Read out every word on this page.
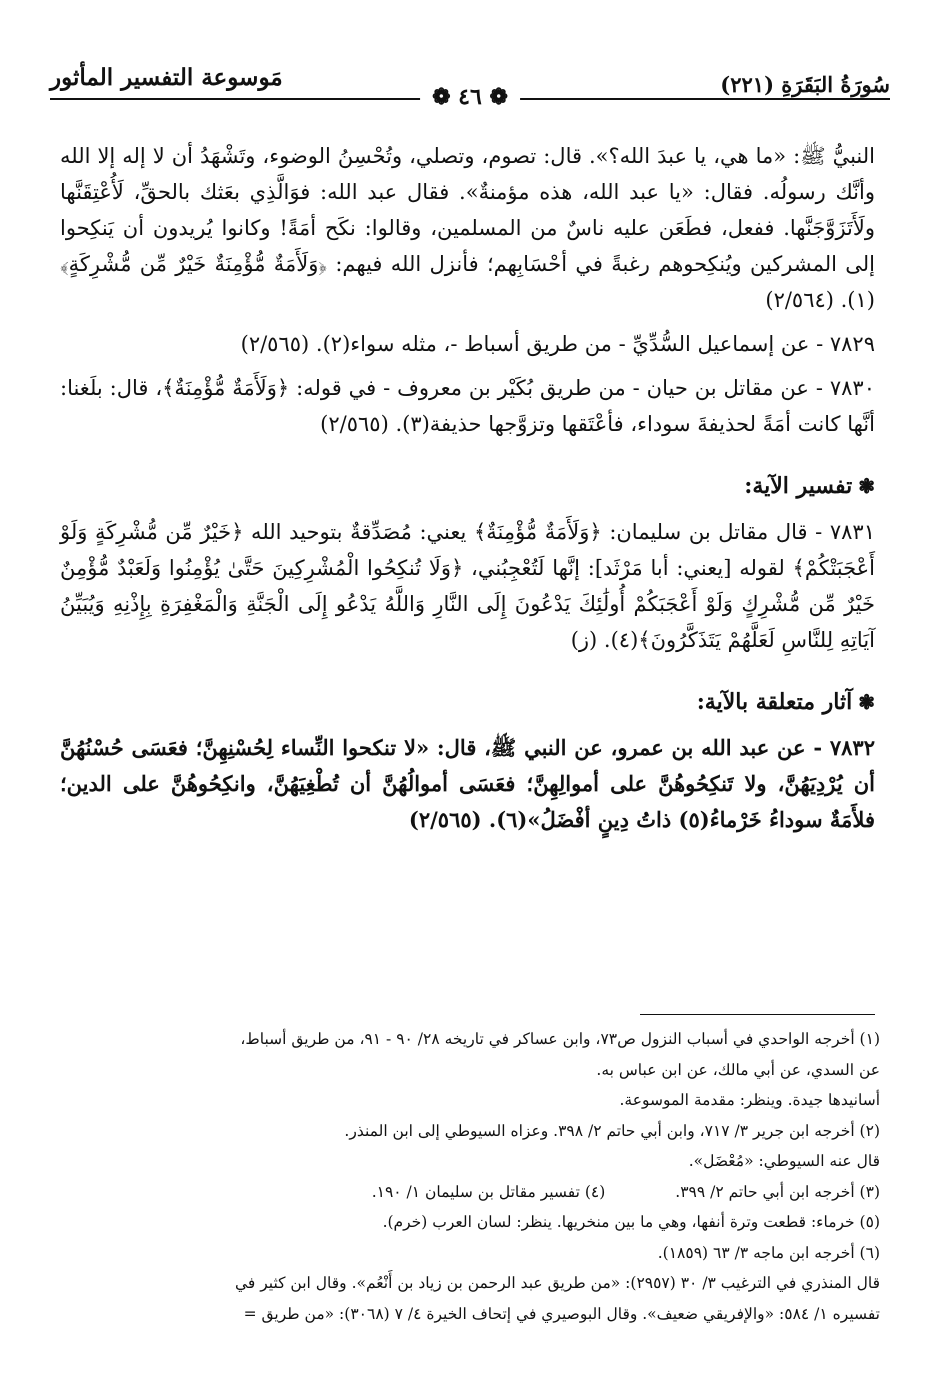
مَوسوعة التفسير المأثور	سُورَةُ البَقَرَةِ (٢٢١)
❁ ٤٦ ❁

النبيُّ ﷺ: «ما هي، يا عبدَ الله؟». قال: تصوم، وتصلي، وتُحْسِنُ الوضوء، وتَشْهَدُ أن لا إله إلا الله وأنَّك رسولُه. فقال: «يا عبد الله، هذه مؤمنةٌ». فقال عبد الله: فوَالَّذِي بعَثك بالحقِّ، لَأُعْتِقَنَّها ولَأَتَزَوَّجَنَّها. ففعل، فطَعَن عليه ناسٌ من المسلمين، وقالوا: نكَح أمَةً! وكانوا يُريدون أن يَنكِحوا إلى المشركين ويُنكِحوهم رغبةً في أحْسَابِهم؛ فأنزل الله فيهم: ﴿وَلَأَمَةٌ مُّؤْمِنَةٌ خَيْرٌ مِّن مُّشْرِكَةٍ﴾(١). (٢/٥٦٤)

٧٨٢٩ - عن إسماعيل السُّدِّيِّ - من طريق أسباط -، مثله سواء(٢). (٢/٥٦٥)

٧٨٣٠ - عن مقاتل بن حيان - من طريق بُكَيْر بن معروف - في قوله: ﴿وَلَأَمَةٌ مُّؤْمِنَةٌ﴾، قال: بلَغنا: أنَّها كانت أمَةً لحذيفةَ سوداء، فأعْتَقها وتزوَّجها حذيفة(٣). (٢/٥٦٥)

❃تفسير الآية:

٧٨٣١ - قال مقاتل بن سليمان: ﴿وَلَأَمَةٌ مُّؤْمِنَةٌ﴾ يعني: مُصَدِّقةٌ بتوحيد الله ﴿خَيْرٌ مِّن مُّشْرِكَةٍ وَلَوْ أَعْجَبَتْكُمْ﴾ لقوله [يعني: أبا مَرْثَد]: إنَّها لَتُعْجِبُني، ﴿وَلَا تُنكِحُوا الْمُشْرِكِينَ حَتَّىٰ يُؤْمِنُوا وَلَعَبْدٌ مُّؤْمِنٌ خَيْرٌ مِّن مُّشْرِكٍ وَلَوْ أَعْجَبَكُمْ أُولَٰئِكَ يَدْعُونَ إِلَى النَّارِ وَاللَّهُ يَدْعُو إِلَى الْجَنَّةِ وَالْمَغْفِرَةِ بِإِذْنِهِ وَيُبَيِّنُ آيَاتِهِ لِلنَّاسِ لَعَلَّهُمْ يَتَذَكَّرُونَ﴾(٤). (ز)

❃آثار متعلقة بالآية:

٧٨٣٢ - عن عبد الله بن عمرو، عن النبي ﷺ، قال: «لا تنكحوا النِّساء لِحُسْنِهِنَّ؛ فعَسَى حُسْنُهُنَّ أن يُرْدِيَهُنَّ، ولا تَنكِحُوهُنَّ على أموالِهِنَّ؛ فعَسَى أموالُهُنَّ أن تُطْغِيَهُنَّ، وانكِحُوهُنَّ على الدين؛ فلأَمَةٌ سوداءُ خَرْماءُ(٥) ذاتُ دِينٍ أفْضَلُ»(٦). (٢/٥٦٥)

(١) أخرجه الواحدي في أسباب النزول ص٧٣، وابن عساكر في تاريخه ٢٨/ ٩٠ - ٩١، من طريق أسباط،
عن السدي، عن أبي مالك، عن ابن عباس به.
أسانيدها جيدة. وينظر: مقدمة الموسوعة.
(٢) أخرجه ابن جرير ٣/ ٧١٧، وابن أبي حاتم ٢/ ٣٩٨. وعزاه السيوطي إلى ابن المنذر.
قال عنه السيوطي: «مُعْضَل».
(٣) أخرجه ابن أبي حاتم ٢/ ٣٩٩.
(٤) تفسير مقاتل بن سليمان ١/ ١٩٠.
(٥) خرماء: قطعت وترة أنفها، وهي ما بين منخريها. ينظر: لسان العرب (خرم).
(٦) أخرجه ابن ماجه ٣/ ٦٣ (١٨٥٩).
قال المنذري في الترغيب ٣/ ٣٠ (٢٩٥٧): «من طريق عبد الرحمن بن زياد بن أَنْعُم». وقال ابن كثير في
تفسيره ١/ ٥٨٤: «والإفريقي ضعيف». وقال البوصيري في إتحاف الخيرة ٤/ ٧ (٣٠٦٨): «من طريق =
